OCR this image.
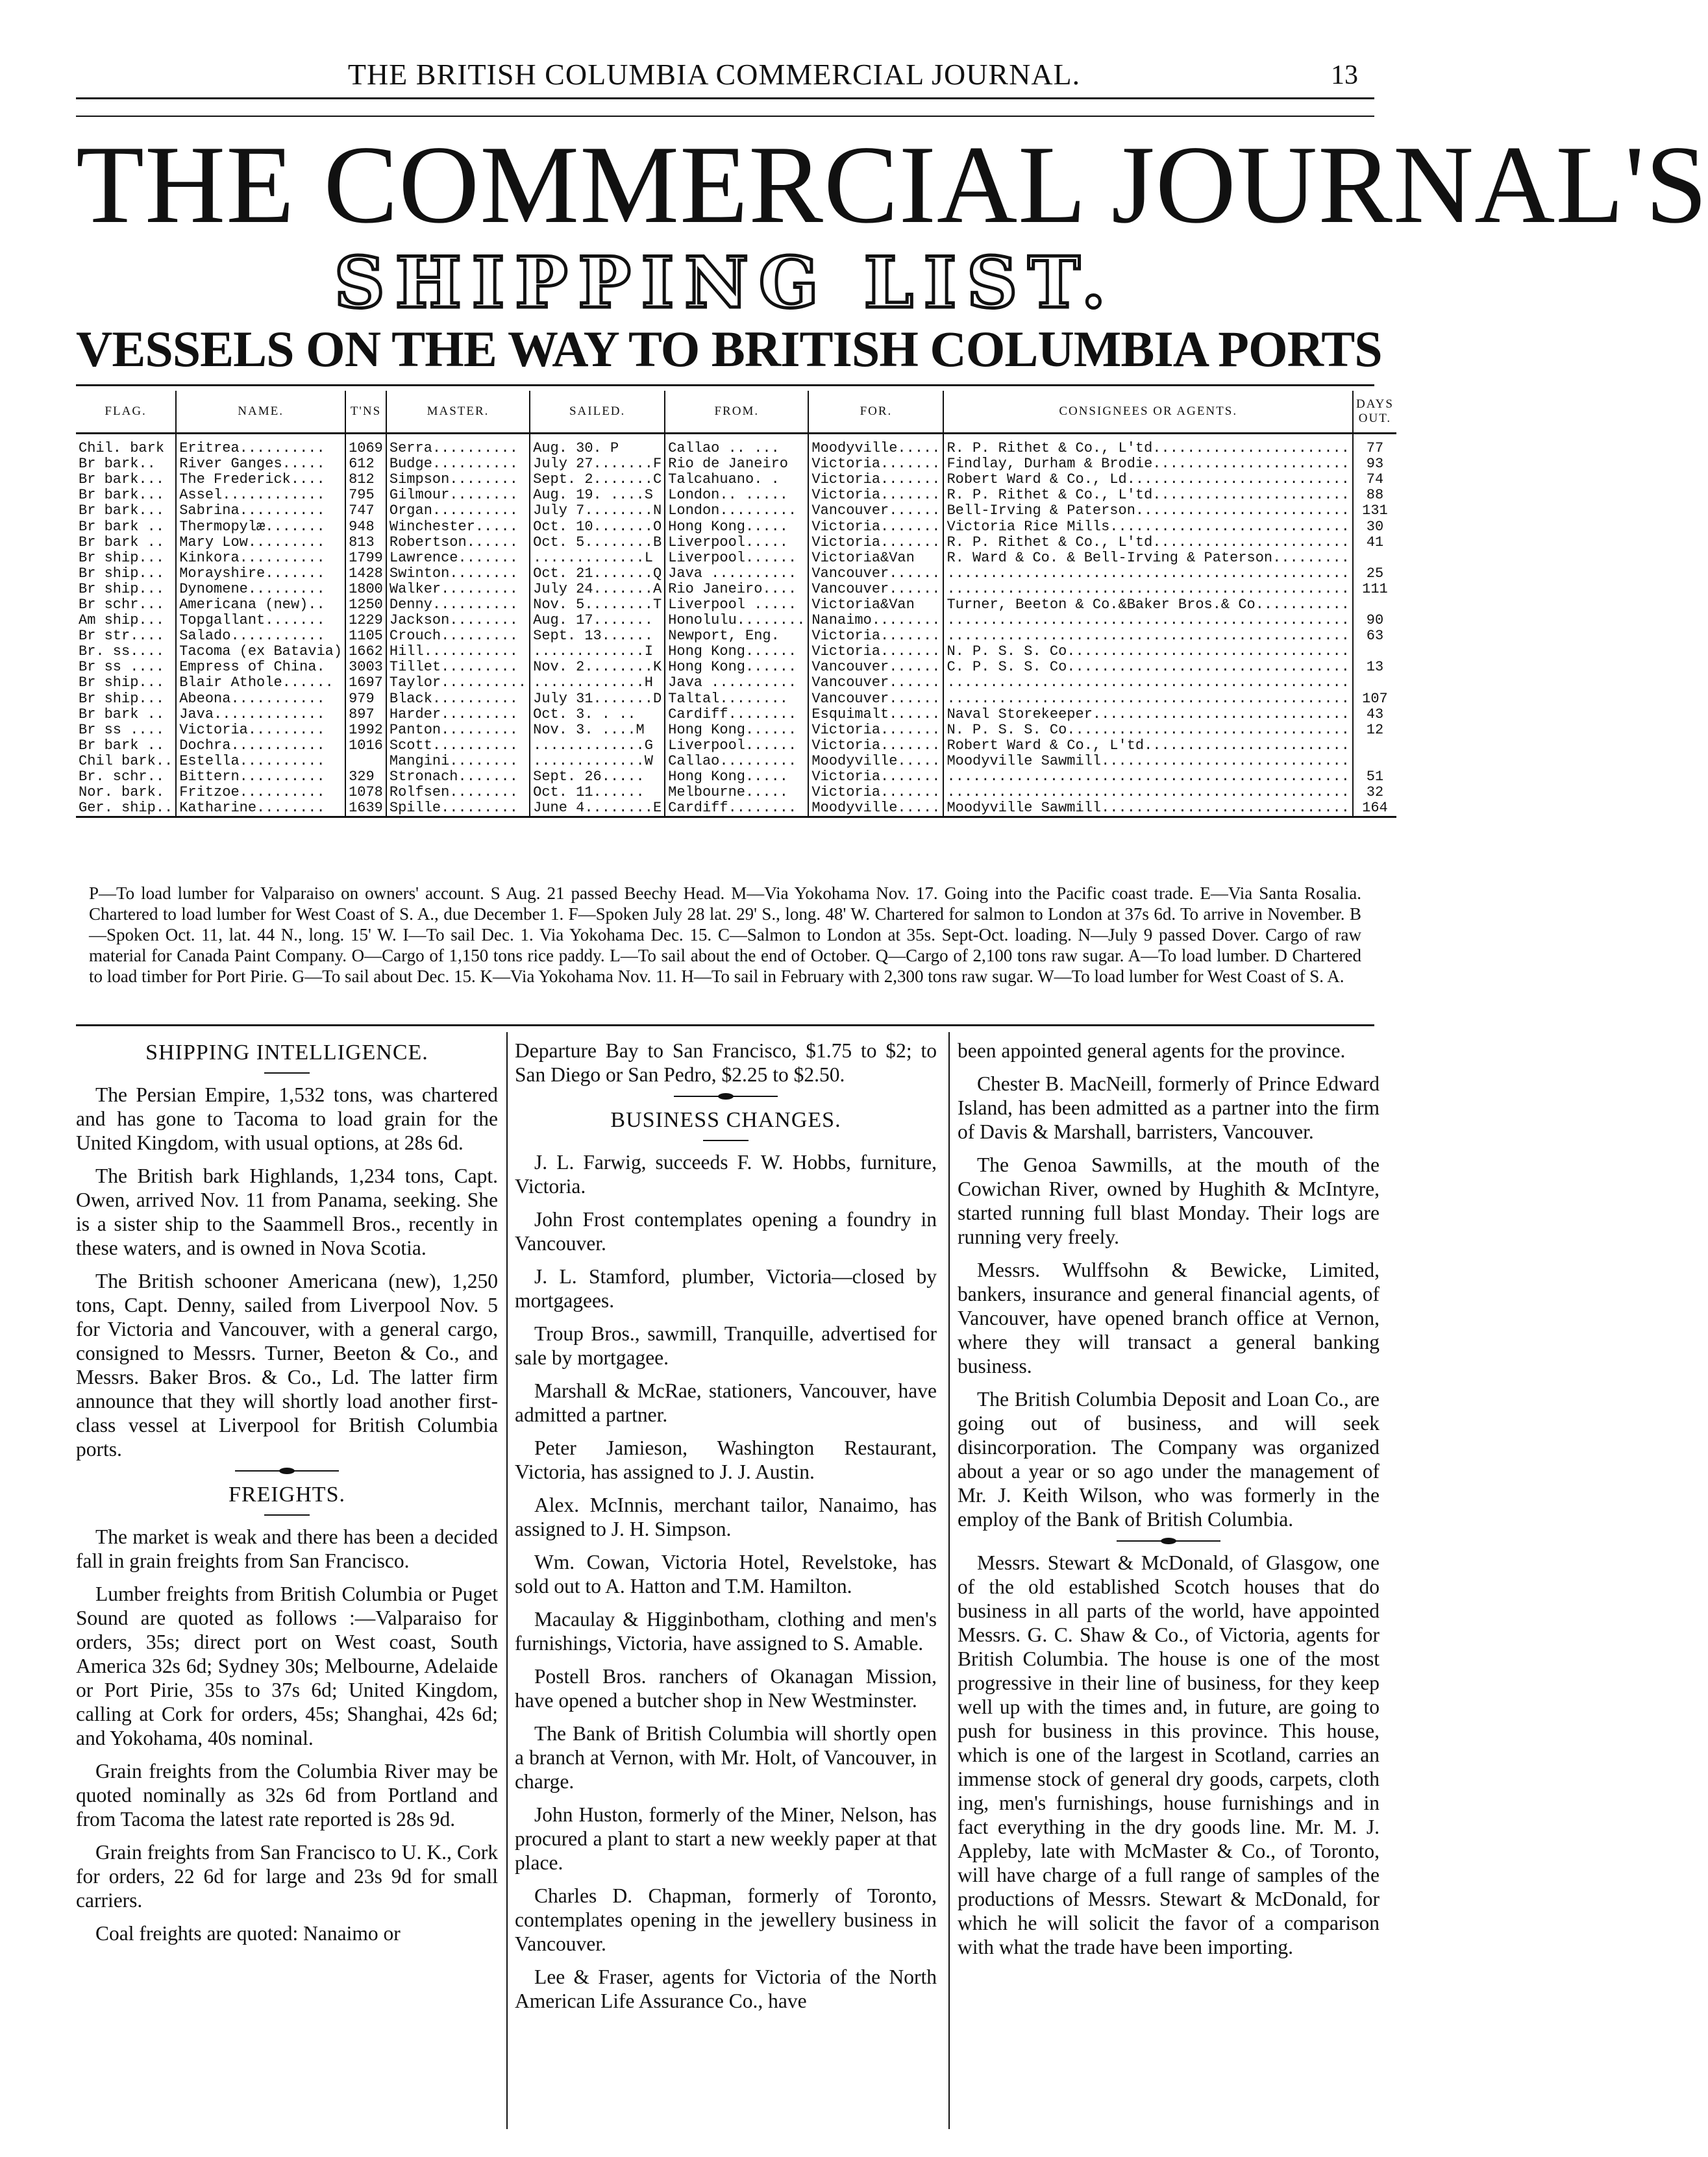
THE BRITISH COLUMBIA COMMERCIAL JOURNAL.	13
THE COMMERCIAL JOURNAL'S
SHIPPING LIST.
VESSELS ON THE WAY TO BRITISH COLUMBIA PORTS
FLAG.	NAME.	T'NS	MASTER.	SAILED.	FROM.	FOR.	CONSIGNEES OR AGENTS.	DAYS OUT.
Chil. bark	Eritrea..........	1069	Serra..........	Aug. 30. P	Callao .. ...	Moodyville.....	R. P. Rithet & Co., L'td.......................	77
Br bark..	River Ganges.....	612	Budge..........	July 27.......F	Rio de Janeiro	Victoria.......	Findlay, Durham & Brodie.......................	93
Br bark...	The Frederick....	812	Simpson........	Sept. 2.......C	Talcahuano. .	Victoria.......	Robert Ward & Co., Ld..........................	74
Br bark...	Assel............	795	Gilmour........	Aug. 19. ....S	London.. .....	Victoria.......	R. P. Rithet & Co., L'td.......................	88
Br bark...	Sabrina..........	747	Organ..........	July 7........N	London.........	Vancouver......	Bell-Irving & Paterson.........................	131
Br bark ..	Thermopylæ.......	948	Winchester.....	Oct. 10.......O	Hong Kong.....	Victoria.......	Victoria Rice Mills............................	30
Br bark ..	Mary Low.........	813	Robertson......	Oct. 5........B	Liverpool.....	Victoria.......	R. P. Rithet & Co., L'td.......................	41
Br ship...	Kinkora..........	1799	Lawrence.......	.............L	Liverpool......	Victoria&Van	R. Ward & Co. & Bell-Irving & Paterson.........	
Br ship...	Morayshire.......	1428	Swinton........	Oct. 21.......Q	Java ..........	Vancouver......	...............................................	25
Br ship...	Dynomene.........	1800	Walker.........	July 24.......A	Rio Janeiro....	Vancouver......	...............................................	111
Br schr...	Americana (new)..	1250	Denny..........	Nov. 5........T	Liverpool .....	Victoria&Van	Turner, Beeton & Co.&Baker Bros.& Co...........	
Am ship...	Topgallant.......	1229	Jackson........	Aug. 17.......	Honolulu........	Nanaimo........	...............................................	90
Br str....	Salado...........	1105	Crouch.........	Sept. 13......	Newport, Eng.	Victoria.......	...............................................	63
Br. ss....	Tacoma (ex Batavia)	1662	Hill...........	.............I	Hong Kong......	Victoria.......	N. P. S. S. Co.................................	
Br ss ....	Empress of China.	3003	Tillet.........	Nov. 2........K	Hong Kong......	Vancouver......	C. P. S. S. Co.................................	13
Br ship...	Blair Athole......	1697	Taylor..........	.............H	Java ..........	Vancouver......	...............................................	
Br ship...	Abeona...........	979	Black..........	July 31.......D	Taltal........	Vancouver......	...............................................	107
Br bark ..	Java.............	897	Harder.........	Oct. 3. . ..	Cardiff........	Esquimalt......	Naval Storekeeper..............................	43
Br ss ....	Victoria.........	1992	Panton.........	Nov. 3. ....M	Hong Kong......	Victoria.......	N. P. S. S. Co.................................	12
Br bark ..	Dochra...........	1016	Scott..........	.............G	Liverpool......	Victoria.......	Robert Ward & Co., L'td........................	
Chil bark..	Estella..........		Mangini........	.............W	Callao.........	Moodyville.....	Moodyville Sawmill.............................	
Br. schr..	Bittern..........	329	Stronach.......	Sept. 26.....	Hong Kong.....	Victoria.......	...............................................	51
Nor. bark.	Fritzoe..........	1078	Rolfsen........	Oct. 11......	Melbourne.....	Victoria.......	...............................................	32
Ger. ship..	Katharine........	1639	Spille.........	June 4........E	Cardiff........	Moodyville.....	Moodyville Sawmill.............................	164
P—To load lumber for Valparaiso on owners' account. S Aug. 21 passed Beechy Head. M—Via Yokohama Nov. 17. Going into the Pacific coast trade. E—Via Santa Rosalia. Chartered to load lumber for West Coast of S. A., due December 1. F—Spoken July 28 lat. 29' S., long. 48' W. Chartered for salmon to London at 37s 6d. To arrive in November. B—Spoken Oct. 11, lat. 44 N., long. 15' W. I—To sail Dec. 1. Via Yokohama Dec. 15. C—Salmon to London at 35s. Sept-Oct. loading. N—July 9 passed Dover. Cargo of raw material for Canada Paint Company. O—Cargo of 1,150 tons rice paddy. L—To sail about the end of October. Q—Cargo of 2,100 tons raw sugar. A—To load lumber. D Chartered to load timber for Port Pirie. G—To sail about Dec. 15. K—Via Yokohama Nov. 11. H—To sail in February with 2,300 tons raw sugar. W—To load lumber for West Coast of S. A.
SHIPPING INTELLIGENCE.

The Persian Empire, 1,532 tons, was chartered and has gone to Tacoma to load grain for the United Kingdom, with usual options, at 28s 6d.

The British bark Highlands, 1,234 tons, Capt. Owen, arrived Nov. 11 from Panama, seeking. She is a sister ship to the Saammell Bros., recently in these waters, and is owned in Nova Scotia.

The British schooner Americana (new), 1,250 tons, Capt. Denny, sailed from Liverpool Nov. 5 for Victoria and Vancouver, with a general cargo, consigned to Messrs. Turner, Beeton & Co., and Messrs. Baker Bros. & Co., Ld. The latter firm announce that they will shortly load another first-class vessel at Liverpool for British Columbia ports.

FREIGHTS.

The market is weak and there has been a decided fall in grain freights from San Francisco.

Lumber freights from British Columbia or Puget Sound are quoted as follows :—Valparaiso for orders, 35s; direct port on West coast, South America 32s 6d; Sydney 30s; Melbourne, Adelaide or Port Pirie, 35s to 37s 6d; United Kingdom, calling at Cork for orders, 45s; Shanghai, 42s 6d; and Yokohama, 40s nominal.

Grain freights from the Columbia River may be quoted nominally as 32s 6d from Portland and from Tacoma the latest rate reported is 28s 9d.

Grain freights from San Francisco to U. K., Cork for orders, 22 6d for large and 23s 9d for small carriers.

Coal freights are quoted: Nanaimo or

Departure Bay to San Francisco, $1.75 to $2; to San Diego or San Pedro, $2.25 to $2.50.

BUSINESS CHANGES.

J. L. Farwig, succeeds F. W. Hobbs, furniture, Victoria.

John Frost contemplates opening a foundry in Vancouver.

J. L. Stamford, plumber, Victoria—closed by mortgagees.

Troup Bros., sawmill, Tranquille, advertised for sale by mortgagee.

Marshall & McRae, stationers, Vancouver, have admitted a partner.

Peter Jamieson, Washington Restaurant, Victoria, has assigned to J. J. Austin.

Alex. McInnis, merchant tailor, Nanaimo, has assigned to J. H. Simpson.

Wm. Cowan, Victoria Hotel, Revelstoke, has sold out to A. Hatton and T.M. Hamilton.

Macaulay & Higginbotham, clothing and men's furnishings, Victoria, have assigned to S. Amable.

Postell Bros. ranchers of Okanagan Mission, have opened a butcher shop in New Westminster.

The Bank of British Columbia will shortly open a branch at Vernon, with Mr. Holt, of Vancouver, in charge.

John Huston, formerly of the Miner, Nelson, has procured a plant to start a new weekly paper at that place.

Charles D. Chapman, formerly of Toronto, contemplates opening in the jewellery business in Vancouver.

Lee & Fraser, agents for Victoria of the North American Life Assurance Co., have

been appointed general agents for the province.

Chester B. MacNeill, formerly of Prince Edward Island, has been admitted as a partner into the firm of Davis & Marshall, barristers, Vancouver.

The Genoa Sawmills, at the mouth of the Cowichan River, owned by Hughith & McIntyre, started running full blast Monday. Their logs are running very freely.

Messrs. Wulffsohn & Bewicke, Limited, bankers, insurance and general financial agents, of Vancouver, have opened branch office at Vernon, where they will transact a general banking business.

The British Columbia Deposit and Loan Co., are going out of business, and will seek disincorporation. The Company was organized about a year or so ago under the management of Mr. J. Keith Wilson, who was formerly in the employ of the Bank of British Columbia.

Messrs. Stewart & McDonald, of Glasgow, one of the old established Scotch houses that do business in all parts of the world, have appointed Messrs. G. C. Shaw & Co., of Victoria, agents for British Columbia. The house is one of the most progressive in their line of business, for they keep well up with the times and, in future, are going to push for business in this province. This house, which is one of the largest in Scotland, carries an immense stock of general dry goods, carpets, cloth ing, men's furnishings, house furnishings and in fact everything in the dry goods line. Mr. M. J. Appleby, late with McMaster & Co., of Toronto, will have charge of a full range of samples of the productions of Messrs. Stewart & McDonald, for which he will solicit the favor of a comparison with what the trade have been importing.
